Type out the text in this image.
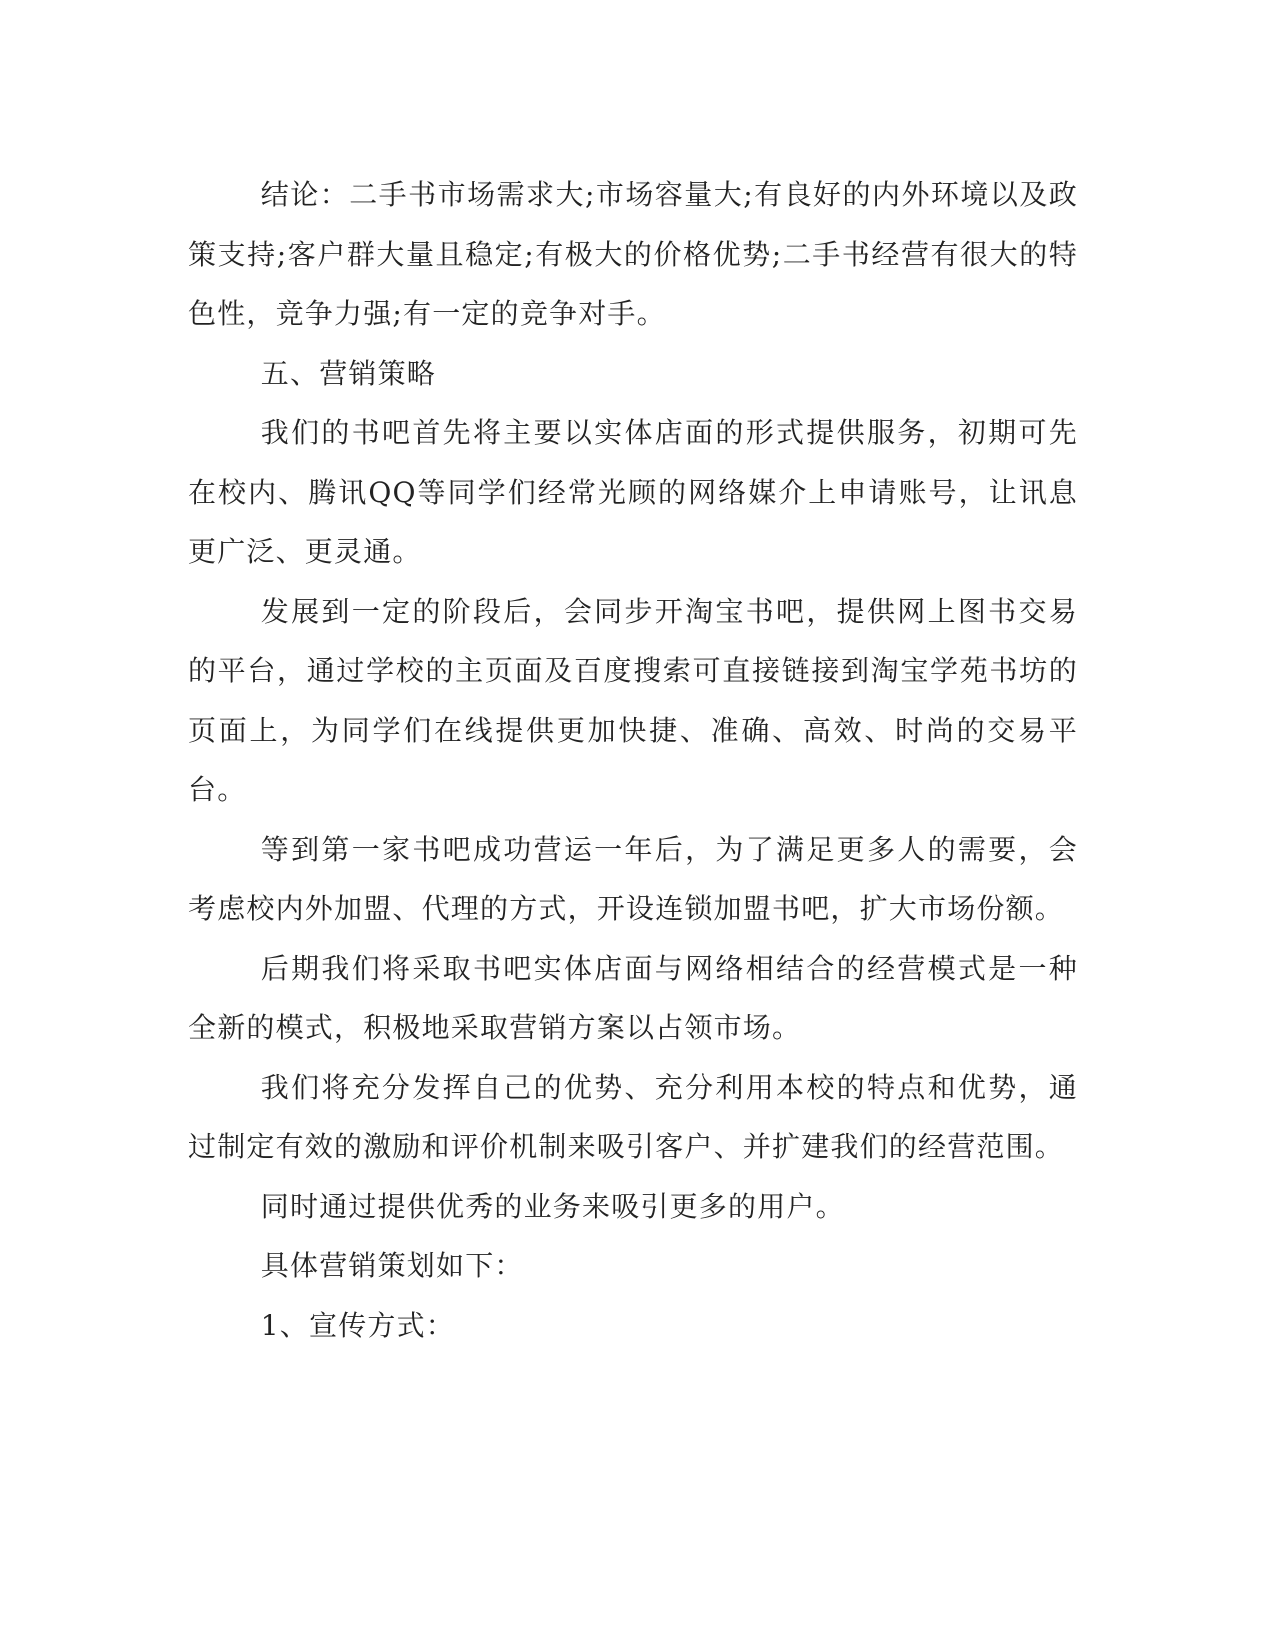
结论：二手书市场需求大;市场容量大;有良好的内外环境以及政策支持;客户群大量且稳定;有极大的价格优势;二手书经营有很大的特色性，竞争力强;有一定的竞争对手。

五、营销策略

我们的书吧首先将主要以实体店面的形式提供服务，初期可先在校内、腾讯QQ等同学们经常光顾的网络媒介上申请账号，让讯息更广泛、更灵通。

发展到一定的阶段后，会同步开淘宝书吧，提供网上图书交易的平台，通过学校的主页面及百度搜索可直接链接到淘宝学苑书坊的页面上，为同学们在线提供更加快捷、准确、高效、时尚的交易平台。

等到第一家书吧成功营运一年后，为了满足更多人的需要，会考虑校内外加盟、代理的方式，开设连锁加盟书吧，扩大市场份额。

后期我们将采取书吧实体店面与网络相结合的经营模式是一种全新的模式，积极地采取营销方案以占领市场。

我们将充分发挥自己的优势、充分利用本校的特点和优势，通过制定有效的激励和评价机制来吸引客户、并扩建我们的经营范围。

同时通过提供优秀的业务来吸引更多的用户。

具体营销策划如下：

1、宣传方式：
